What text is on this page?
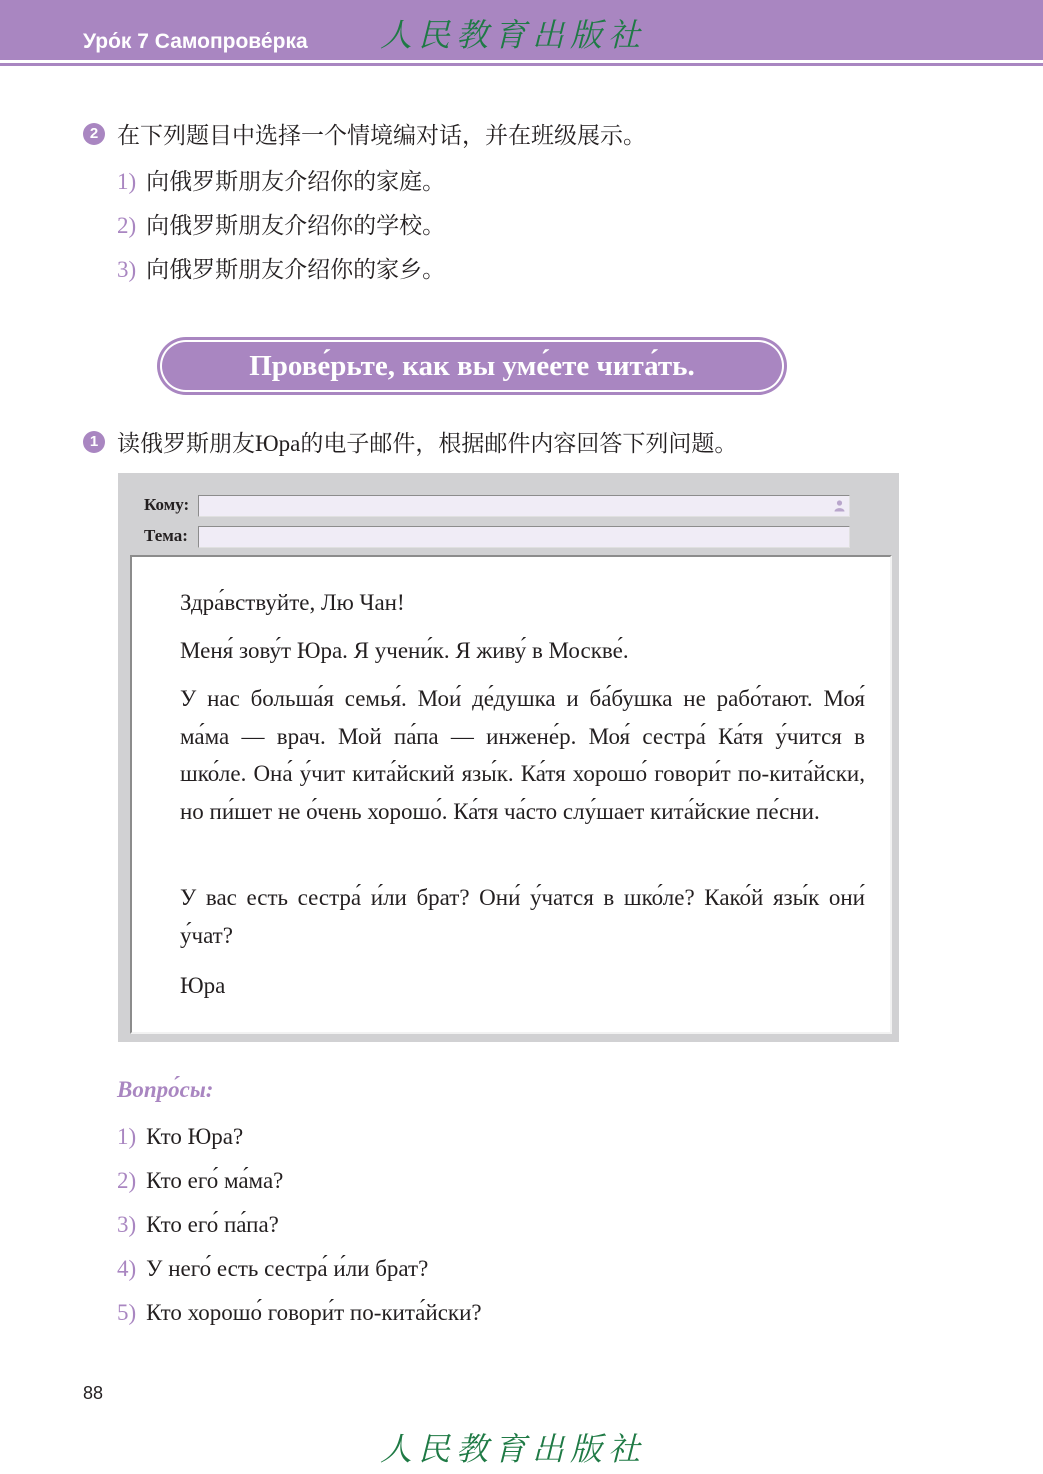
Уро́к 7 Самопрове́рка 人民教育出版社
2 在下列题目中选择一个情境编对话，并在班级展示。
1) 向俄罗斯朋友介绍你的家庭。
2) 向俄罗斯朋友介绍你的学校。
3) 向俄罗斯朋友介绍你的家乡。
Прове́рьте, как вы уме́ете чита́ть.
1 读俄罗斯朋友Юра的电子邮件，根据邮件内容回答下列问题。
Кому:
Тема:
Здра́вствуйте, Лю Чан!
Меня́ зову́т Юра. Я учени́к. Я живу́ в Москве́.
У нас больша́я семья́. Мои́ де́душка и ба́бушка не рабо́тают. Моя́ ма́ма — врач. Мой па́па — инжене́р. Моя́ сестра́ Ка́тя у́чится в шко́ле. Она́ у́чит кита́йский язы́к. Ка́тя хорошо́ говори́т по-кита́йски, но пи́шет не о́чень хорошо́. Ка́тя ча́сто слу́шает кита́йские пе́сни.
У вас есть сестра́ и́ли брат? Они́ у́чатся в шко́ле? Како́й язы́к они́ у́чат?
Юра
Вопро́сы:
1) Кто Юра?
2) Кто его́ ма́ма?
3) Кто его́ па́па?
4) У него́ есть сестра́ и́ли брат?
5) Кто хорошо́ говори́т по-кита́йски?
88
人民教育出版社
